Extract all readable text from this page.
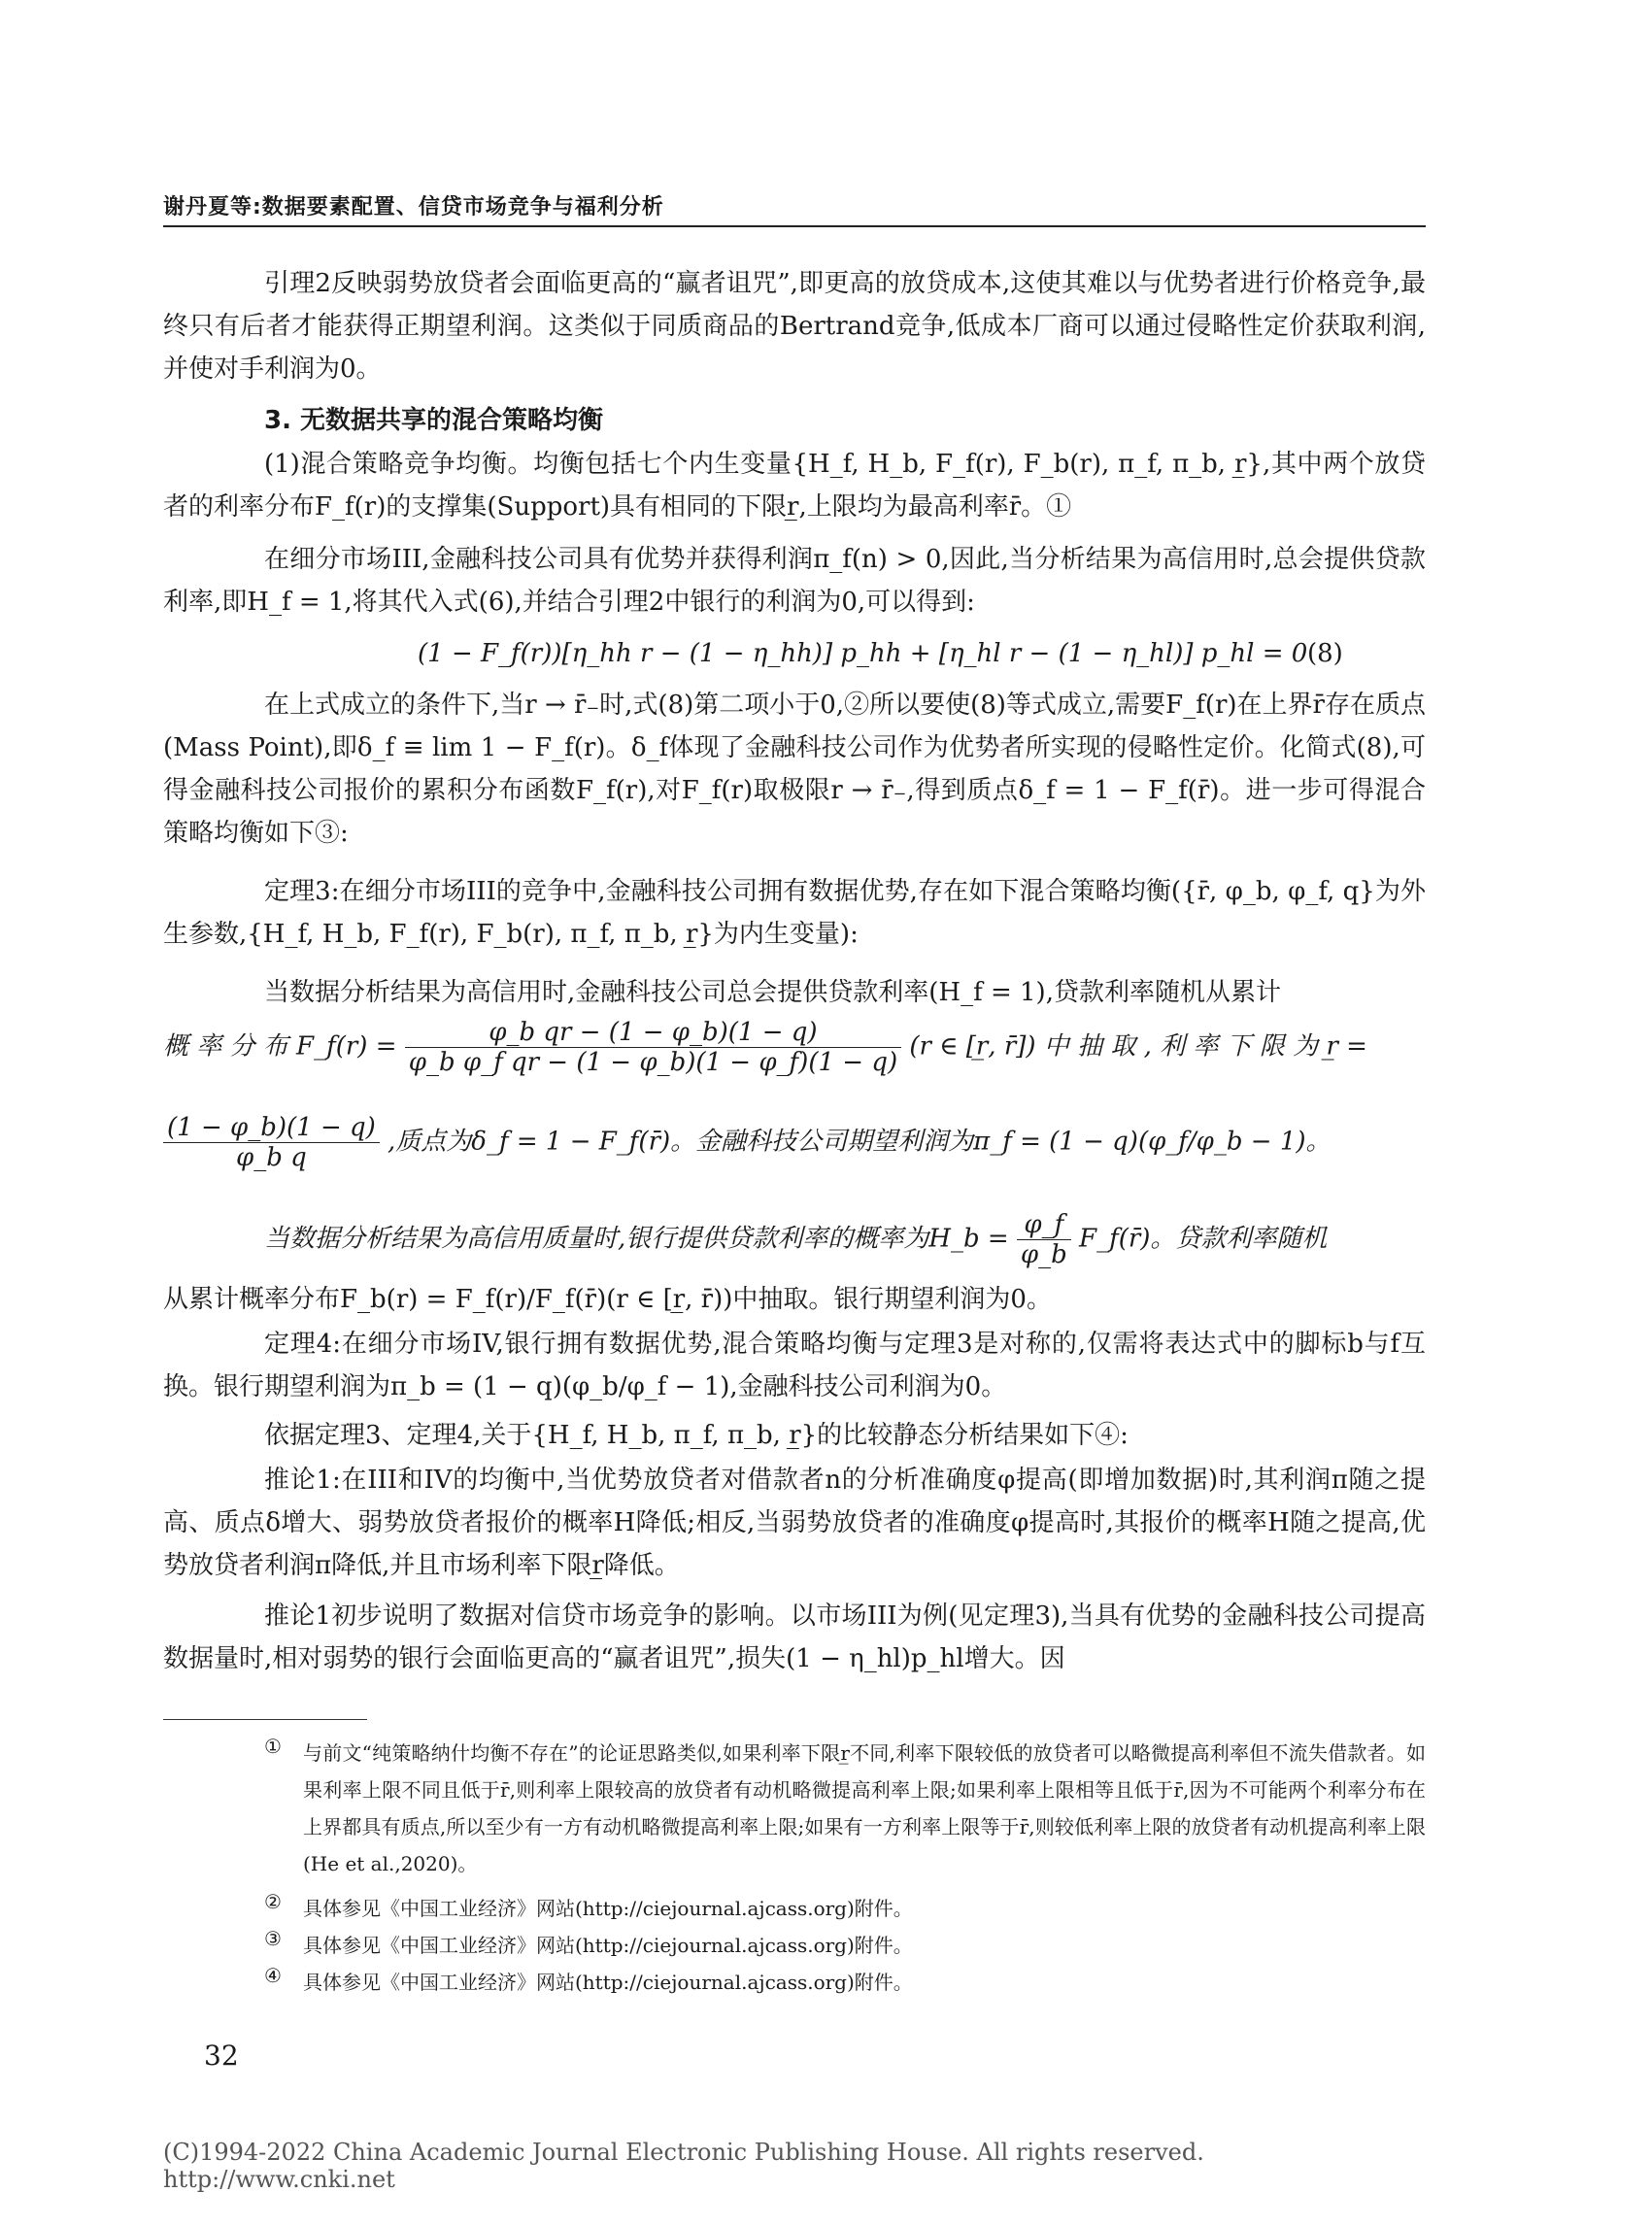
谢丹夏等:数据要素配置、信贷市场竞争与福利分析

引理2反映弱势放贷者会面临更高的“赢者诅咒”,即更高的放贷成本,这使其难以与优势者进行价格竞争,最终只有后者才能获得正期望利润。这类似于同质商品的Bertrand竞争,低成本厂商可以通过侵略性定价获取利润,并使对手利润为0。

3. 无数据共享的混合策略均衡

(1)混合策略竞争均衡。均衡包括七个内生变量{H_f, H_b, F_f(r), F_b(r), π_f, π_b, r̲},其中两个放贷者的利率分布F_f(r)的支撑集(Support)具有相同的下限r̲,上限均为最高利率r̄。①

在细分市场III,金融科技公司具有优势并获得利润π_f(n) > 0,因此,当分析结果为高信用时,总会提供贷款利率,即H_f = 1,将其代入式(6),并结合引理2中银行的利润为0,可以得到:

(1 − F_f(r))[η_hh r − (1 − η_hh)] p_hh + [η_hl r − (1 − η_hl)] p_hl = 0 (8)

在上式成立的条件下,当r → r̄₋时,式(8)第二项小于0,②所以要使(8)等式成立,需要F_f(r)在上界r̄存在质点(Mass Point),即δ_f ≡ lim 1 − F_f(r)。δ_f体现了金融科技公司作为优势者所实现的侵略性定价。化简式(8),可得金融科技公司报价的累积分布函数F_f(r),对F_f(r)取极限r → r̄₋,得到质点δ_f = 1 − F_f(r̄)。进一步可得混合策略均衡如下③:

定理3:在细分市场III的竞争中,金融科技公司拥有数据优势,存在如下混合策略均衡({r̄, φ_b, φ_f, q}为外生参数,{H_f, H_b, F_f(r), F_b(r), π_f, π_b, r̲}为内生变量):

当数据分析结果为高信用时,金融科技公司总会提供贷款利率(H_f = 1),贷款利率随机从累计

概 率 分 布 F_f(r) = $\frac{\text{φ\_b qr − (1 − φ\_b)(1 − q)}}{\text{φ\_b φ\_f qr − (1 − φ\_b)(1 − φ\_f)(1 − q)}} (r$ ∈ [r̲, r̄]) 中 抽 取 , 利 率 下 限 为 r̲ =
$\frac{(1 - \varphi\_b)(1 - q)}{\text{φ\_b q}}$ ,质点为δ_f = 1 − F_f(r̄)。金融科技公司期望利润为π_f = (1 − q)(φ_f/φ_b − 1)。
当数据分析结果为高信用质量时,银行提供贷款利率的概率为H_b = $\frac{\varphi\_f}{\varphi\_b}$ F_f(r̄)。贷款利率随机

从累计概率分布F_b(r) = F_f(r)/F_f(r̄)(r ∈ [r̲, r̄))中抽取。银行期望利润为0。

定理4:在细分市场IV,银行拥有数据优势,混合策略均衡与定理3是对称的,仅需将表达式中的脚标b与f互换。银行期望利润为π_b = (1 − q)(φ_b/φ_f − 1),金融科技公司利润为0。

依据定理3、定理4,关于{H_f, H_b, π_f, π_b, r̲}的比较静态分析结果如下④:

推论1:在III和IV的均衡中,当优势放贷者对借款者n的分析准确度φ提高(即增加数据)时,其利润π随之提高、质点δ增大、弱势放贷者报价的概率H降低;相反,当弱势放贷者的准确度φ提高时,其报价的概率H随之提高,优势放贷者利润π降低,并且市场利率下限r̲降低。

推论1初步说明了数据对信贷市场竞争的影响。以市场III为例(见定理3),当具有优势的金融科技公司提高数据量时,相对弱势的银行会面临更高的“赢者诅咒”,损失(1 − η_hl)p_hl增大。因

① 与前文“纯策略纳什均衡不存在”的论证思路类似,如果利率下限r̲不同,利率下限较低的放贷者可以略微提高利率但不流失借款者。如果利率上限不同且低于r̄,则利率上限较高的放贷者有动机略微提高利率上限;如果利率上限相等且低于r̄,因为不可能两个利率分布在上界都具有质点,所以至少有一方有动机略微提高利率上限;如果有一方利率上限等于r̄,则较低利率上限的放贷者有动机提高利率上限(He et al.,2020)。
② 具体参见《中国工业经济》网站(http://ciejournal.ajcass.org)附件。
③ 具体参见《中国工业经济》网站(http://ciejournal.ajcass.org)附件。
④ 具体参见《中国工业经济》网站(http://ciejournal.ajcass.org)附件。
32
(C)1994-2022 China Academic Journal Electronic Publishing House. All rights reserved. http://www.cnki.net
